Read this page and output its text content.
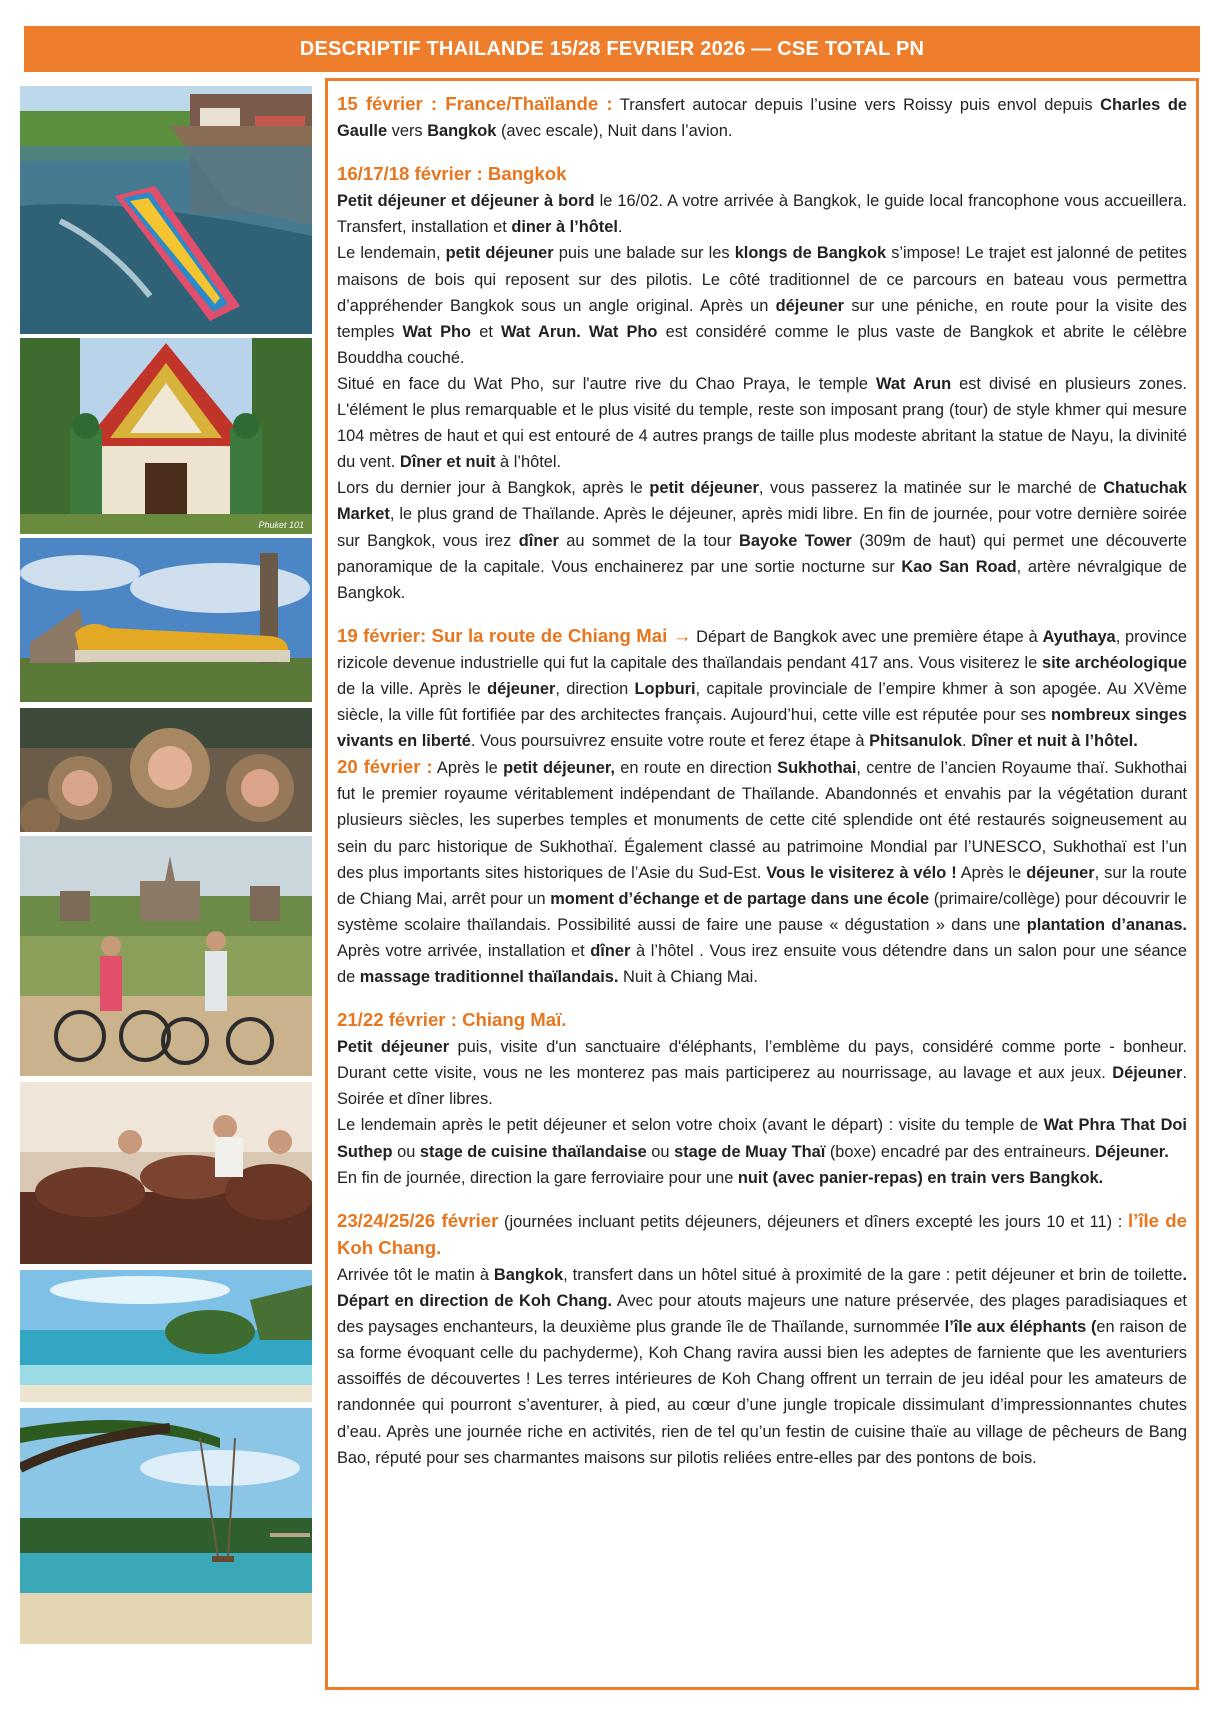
DESCRIPTIF THAILANDE 15/28 FEVRIER 2026 — CSE TOTAL PN
Phuket 101

15 février : France/Thaïlande : Transfert autocar depuis l’usine vers Roissy puis envol depuis Charles de Gaulle vers Bangkok (avec escale), Nuit dans l’avion.

16/17/18 février : Bangkok

Petit déjeuner et déjeuner à bord le 16/02. A votre arrivée à Bangkok, le guide local francophone vous accueillera. Transfert, installation et diner à l’hôtel.

Le lendemain, petit déjeuner puis une balade sur les klongs de Bangkok s’impose! Le trajet est jalonné de petites maisons de bois qui reposent sur des pilotis. Le côté traditionnel de ce parcours en bateau vous permettra d’appréhender Bangkok sous un angle original. Après un déjeuner sur une péniche, en route pour la visite des temples Wat Pho et Wat Arun. Wat Pho est considéré comme le plus vaste de Bangkok et abrite le célèbre Bouddha couché.

Situé en face du Wat Pho, sur l'autre rive du Chao Praya, le temple Wat Arun est divisé en plusieurs zones. L'élément le plus remarquable et le plus visité du temple, reste son imposant prang (tour) de style khmer qui mesure 104 mètres de haut et qui est entouré de 4 autres prangs de taille plus modeste abritant la statue de Nayu, la divinité du vent. Dîner et nuit à l’hôtel.

Lors du dernier jour à Bangkok, après le petit déjeuner, vous passerez la matinée sur le marché de Chatuchak Market, le plus grand de Thaïlande. Après le déjeuner, après midi libre. En fin de journée, pour votre dernière soirée sur Bangkok, vous irez dîner au sommet de la tour Bayoke Tower (309m de haut) qui permet une découverte panoramique de la capitale. Vous enchainerez par une sortie nocturne sur Kao San Road, artère névralgique de Bangkok.

19 février: Sur la route de Chiang Mai → Départ de Bangkok avec une première étape à Ayuthaya, province rizicole devenue industrielle qui fut la capitale des thaïlandais pendant 417 ans. Vous visiterez le site archéologique de la ville. Après le déjeuner, direction Lopburi, capitale provinciale de l’empire khmer à son apogée. Au XVème siècle, la ville fût fortifiée par des architectes français. Aujourd’hui, cette ville est réputée pour ses nombreux singes vivants en liberté. Vous poursuivrez ensuite votre route et ferez étape à Phitsanulok. Dîner et nuit à l’hôtel.

20 février : Après le petit déjeuner, en route en direction Sukhothai, centre de l’ancien Royaume thaï. Sukhothai fut le premier royaume véritablement indépendant de Thaïlande. Abandonnés et envahis par la végétation durant plusieurs siècles, les superbes temples et monuments de cette cité splendide ont été restaurés soigneusement au sein du parc historique de Sukhothaï. Également classé au patrimoine Mondial par l’UNESCO, Sukhothaï est l’un des plus importants sites historiques de l’Asie du Sud-Est. Vous le visiterez à vélo ! Après le déjeuner, sur la route de Chiang Mai, arrêt pour un moment d’échange et de partage dans une école (primaire/collège) pour découvrir le système scolaire thaïlandais. Possibilité aussi de faire une pause « dégustation » dans une plantation d’ananas. Après votre arrivée, installation et dîner à l’hôtel . Vous irez ensuite vous détendre dans un salon pour une séance de massage traditionnel thaïlandais. Nuit à Chiang Mai.

21/22 février : Chiang Maï.

Petit déjeuner puis, visite d'un sanctuaire d'éléphants, l’emblème du pays, considéré comme porte - bonheur. Durant cette visite, vous ne les monterez pas mais participerez au nourrissage, au lavage et aux jeux. Déjeuner. Soirée et dîner libres.

Le lendemain après le petit déjeuner et selon votre choix (avant le départ) : visite du temple de Wat Phra That Doi Suthep ou stage de cuisine thaïlandaise ou stage de Muay Thaï (boxe) encadré par des entraineurs. Déjeuner.

En fin de journée, direction la gare ferroviaire pour une nuit (avec panier-repas) en train vers Bangkok.

23/24/25/26 février (journées incluant petits déjeuners, déjeuners et dîners excepté les jours 10 et 11) : l’île de Koh Chang.

Arrivée tôt le matin à Bangkok, transfert dans un hôtel situé à proximité de la gare : petit déjeuner et brin de toilette. Départ en direction de Koh Chang. Avec pour atouts majeurs une nature préservée, des plages paradisiaques et des paysages enchanteurs, la deuxième plus grande île de Thaïlande, surnommée l’île aux éléphants (en raison de sa forme évoquant celle du pachyderme), Koh Chang ravira aussi bien les adeptes de farniente que les aventuriers assoiffés de découvertes ! Les terres intérieures de Koh Chang offrent un terrain de jeu idéal pour les amateurs de randonnée qui pourront s’aventurer, à pied, au cœur d’une jungle tropicale dissimulant d’impressionnantes chutes d’eau. Après une journée riche en activités, rien de tel qu’un festin de cuisine thaïe au village de pêcheurs de Bang Bao, réputé pour ses charmantes maisons sur pilotis reliées entre-elles par des pontons de bois.
